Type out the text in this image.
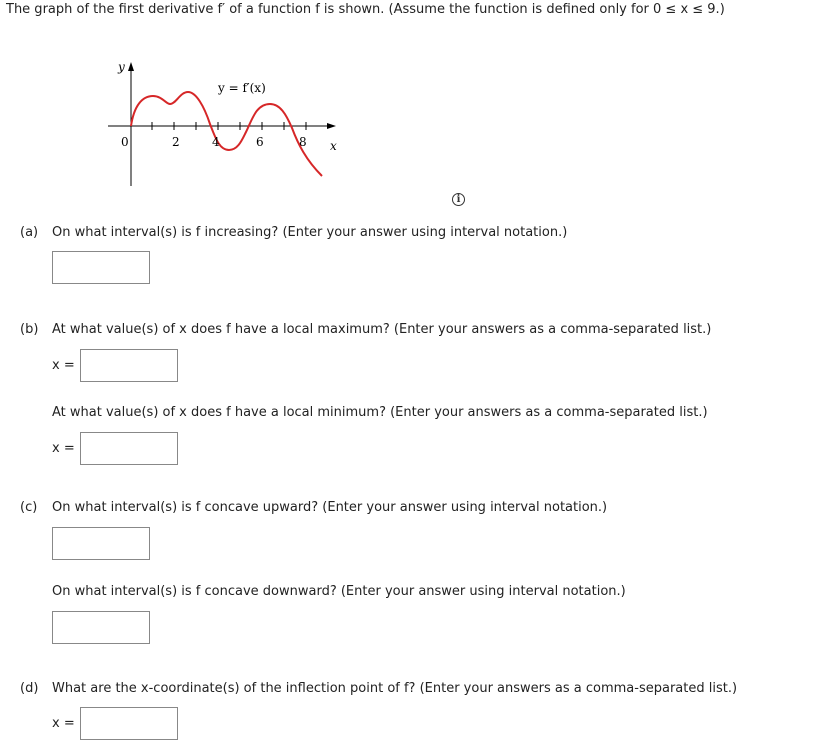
The graph of the first derivative f′ of a function f is shown. (Assume the function is defined only for 0 ≤ x ≤ 9.)
y
x
y = f′(x)
0	2	4	6	8
i
(a) On what interval(s) is f increasing? (Enter your answer using interval notation.)
(b) At what value(s) of x does f have a local maximum? (Enter your answers as a comma-separated list.)
x =
At what value(s) of x does f have a local minimum? (Enter your answers as a comma-separated list.)
x =
(c) On what interval(s) is f concave upward? (Enter your answer using interval notation.)
On what interval(s) is f concave downward? (Enter your answer using interval notation.)
(d) What are the x-coordinate(s) of the inflection point of f? (Enter your answers as a comma-separated list.)
x =
